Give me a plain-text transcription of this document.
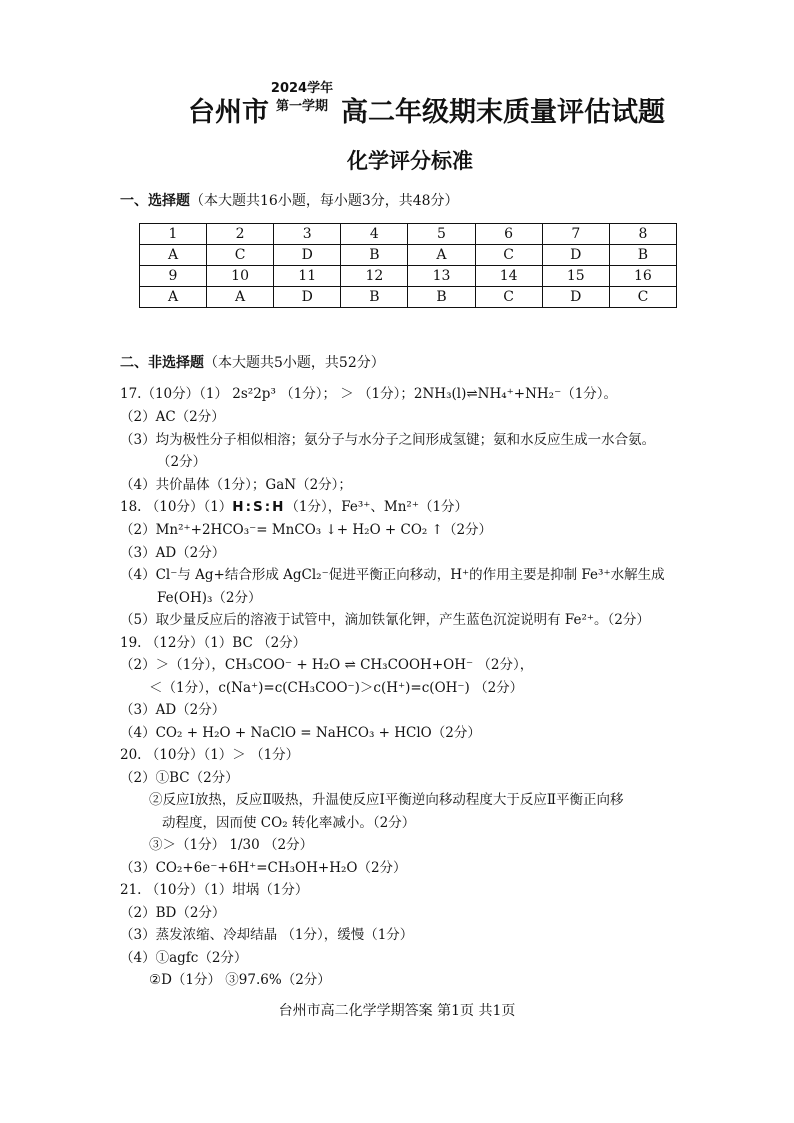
台州市
2024学年
第一学期 高二年级期末质量评估试题
化学评分标准
一、选择题（本大题共16小题，每小题3分，共48分）
1	2	3	4	5	6	7	8
A	C	D	B	A	C	D	B
9	10	11	12	13	14	15	16
A	A	D	B	B	C	D	C
二、非选择题（本大题共5小题，共52分）
17.（10分）（1） 2s²2p³ （1分）； ＞ （1分）；2NH₃(l)⇌NH₄⁺+NH₂⁻（1分）。
（2）AC（2分）
（3）均为极性分子相似相溶；氨分子与水分子之间形成氢键；氨和水反应生成一水合氨。
（2分）
（4）共价晶体（1分）；GaN（2分）；
18. （10分）（1）H:S:H（1分），Fe³⁺、Mn²⁺（1分）
（2）Mn²⁺+2HCO₃⁻= MnCO₃ ↓+ H₂O + CO₂ ↑（2分）
（3）AD（2分）
（4）Cl⁻与 Ag+结合形成 AgCl₂⁻促进平衡正向移动，H⁺的作用主要是抑制 Fe³⁺水解生成
Fe(OH)₃（2分）
（5）取少量反应后的溶液于试管中，滴加铁氰化钾，产生蓝色沉淀说明有 Fe²⁺。（2分）
19. （12分）（1）BC （2分）
（2）＞（1分），CH₃COO⁻ + H₂O ⇌ CH₃COOH+OH⁻ （2分），
＜（1分），c(Na⁺)=c(CH₃COO⁻)＞c(H⁺)=c(OH⁻) （2分）
（3）AD（2分）
（4）CO₂ + H₂O + NaClO = NaHCO₃ + HClO（2分）
20. （10分）（1）＞ （1分）
（2）①BC（2分）
②反应Ⅰ放热，反应Ⅱ吸热，升温使反应Ⅰ平衡逆向移动程度大于反应Ⅱ平衡正向移
动程度，因而使 CO₂ 转化率减小。（2分）
③＞（1分） 1/30 （2分）
（3）CO₂+6e⁻+6H⁺=CH₃OH+H₂O（2分）
21. （10分）（1）坩埚（1分）
（2）BD（2分）
（3）蒸发浓缩、冷却结晶 （1分），缓慢（1分）
（4）①agfc（2分）
②D（1分） ③97.6%（2分）
台州市高二化学学期答案 第1页 共1页
